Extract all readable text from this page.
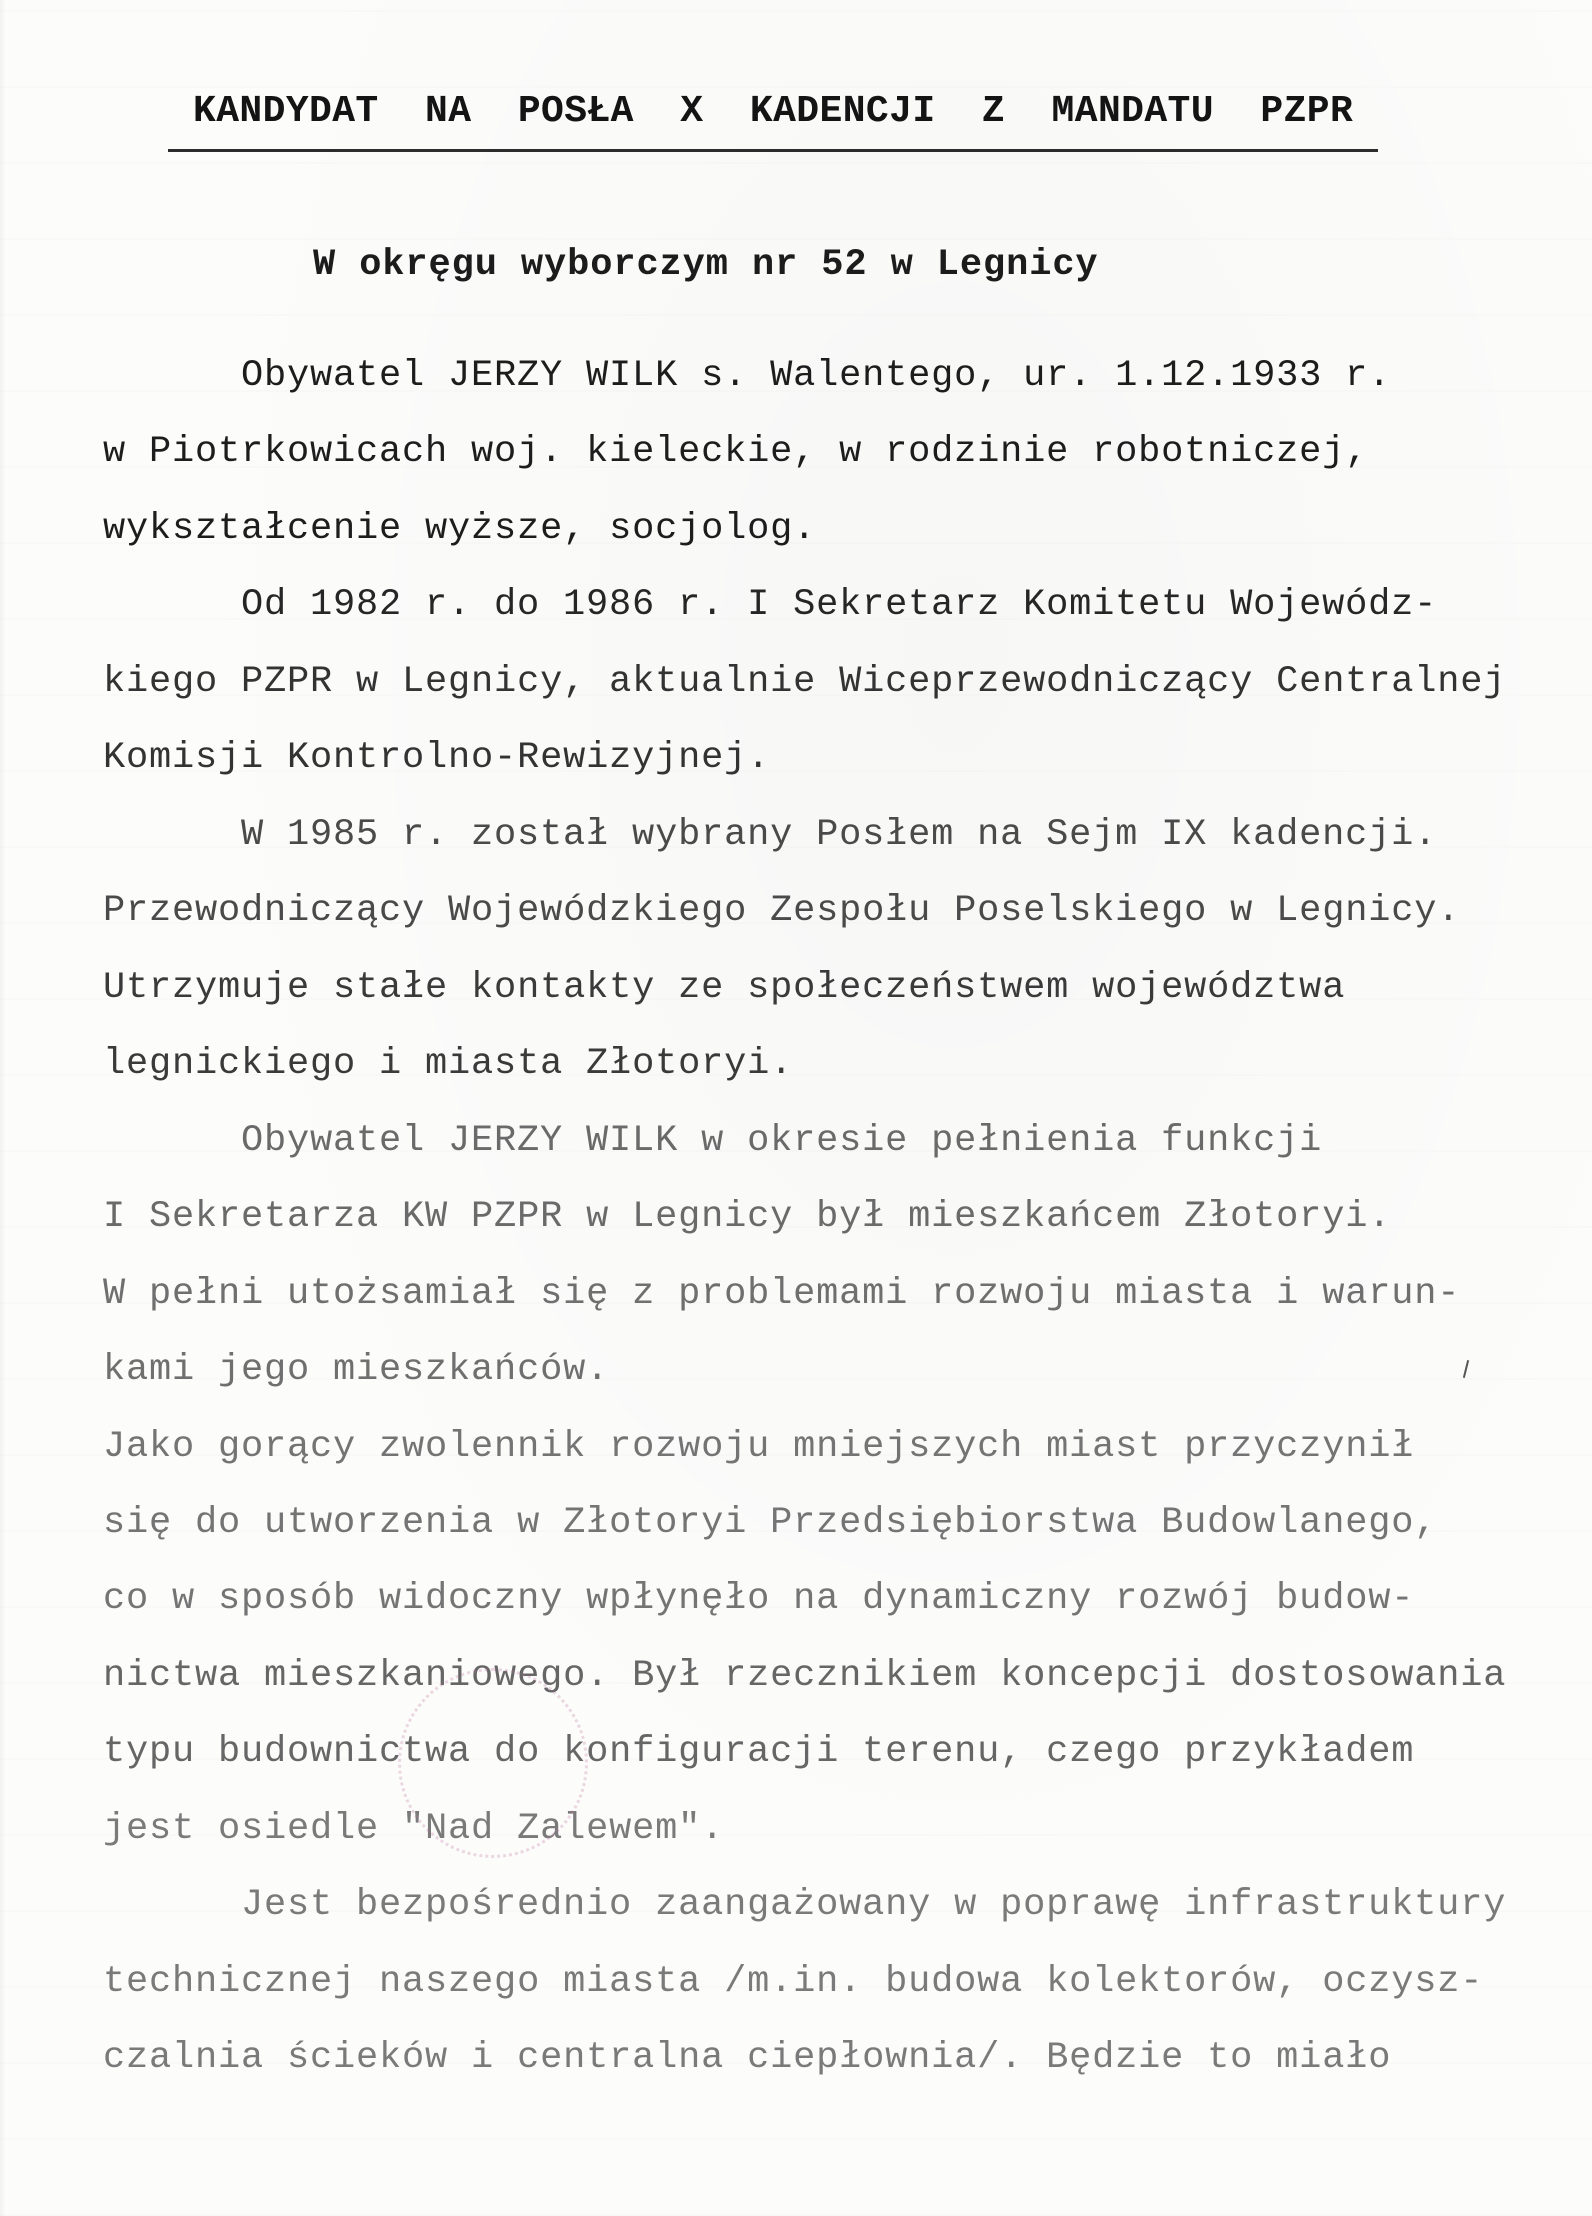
KANDYDAT  NA  POSŁA  X  KADENCJI  Z  MANDATU  PZPR
W okręgu wyborczym nr 52 w Legnicy

Obywatel JERZY WILK s. Walentego, ur. 1.12.1933 r.

w Piotrkowicach woj. kieleckie, w rodzinie robotniczej,

wykształcenie wyższe, socjolog.

Od 1982 r. do 1986 r. I Sekretarz Komitetu Wojewódz-

kiego PZPR w Legnicy, aktualnie Wiceprzewodniczący Centralnej

Komisji Kontrolno-Rewizyjnej.

W 1985 r. został wybrany Posłem na Sejm IX kadencji.

Przewodniczący Wojewódzkiego Zespołu Poselskiego w Legnicy.

Utrzymuje stałe kontakty ze społeczeństwem województwa

legnickiego i miasta Złotoryi.

Obywatel JERZY WILK w okresie pełnienia funkcji

I Sekretarza KW PZPR w Legnicy był mieszkańcem Złotoryi.

W pełni utożsamiał się z problemami rozwoju miasta i warun-

kami jego mieszkańców.

Jako gorący zwolennik rozwoju mniejszych miast przyczynił

się do utworzenia w Złotoryi Przedsiębiorstwa Budowlanego,

co w sposób widoczny wpłynęło na dynamiczny rozwój budow-

nictwa mieszkaniowego. Był rzecznikiem koncepcji dostosowania

typu budownictwa do konfiguracji terenu, czego przykładem

jest osiedle "Nad Zalewem".

Jest bezpośrednio zaangażowany w poprawę infrastruktury

technicznej naszego miasta /m.in. budowa kolektorów, oczysz-

czalnia ścieków i centralna ciepłownia/. Będzie to miało
